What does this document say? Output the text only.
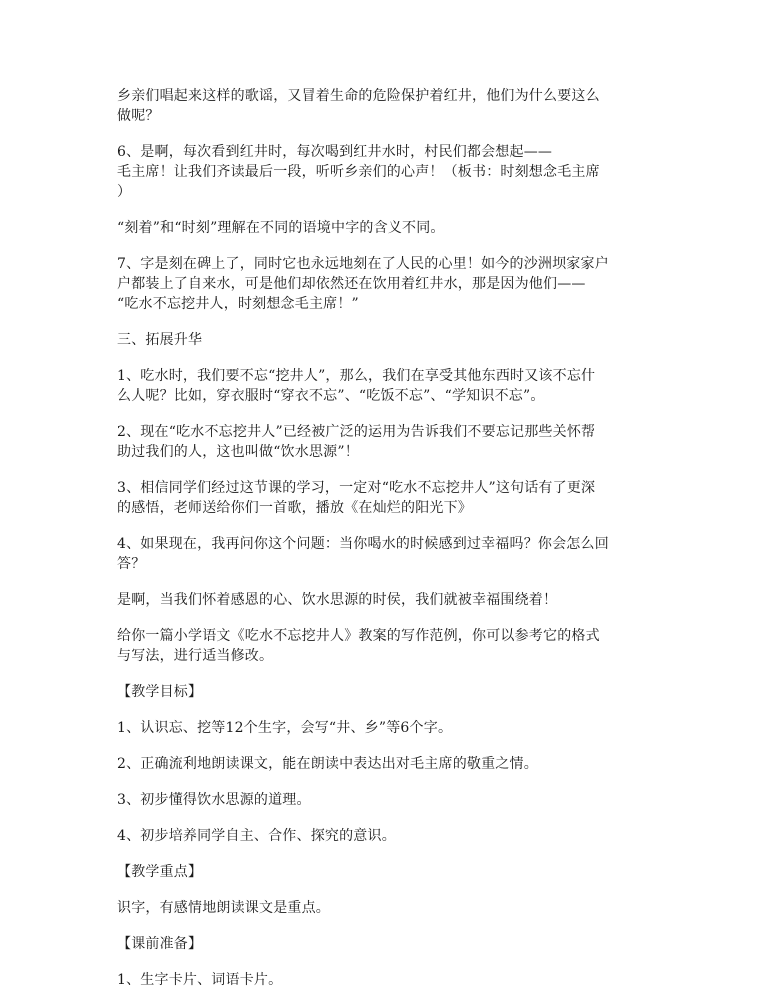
乡亲们唱起来这样的歌谣，又冒着生命的危险保护着红井，他们为什么要这么
做呢？

6、是啊，每次看到红井时，每次喝到红井水时，村民们都会想起——
毛主席！让我们齐读最后一段，听听乡亲们的心声！（板书：时刻想念毛主席
）

“刻着”和“时刻”理解在不同的语境中字的含义不同。

7、字是刻在碑上了，同时它也永远地刻在了人民的心里！如今的沙洲坝家家户
户都装上了自来水，可是他们却依然还在饮用着红井水，那是因为他们——
“吃水不忘挖井人，时刻想念毛主席！”

三、拓展升华

1、吃水时，我们要不忘“挖井人”，那么，我们在享受其他东西时又该不忘什
么人呢？比如，穿衣服时“穿衣不忘”、“吃饭不忘”、“学知识不忘”。

2、现在“吃水不忘挖井人”已经被广泛的运用为告诉我们不要忘记那些关怀帮
助过我们的人，这也叫做“饮水思源”！

3、相信同学们经过这节课的学习，一定对“吃水不忘挖井人”这句话有了更深
的感悟，老师送给你们一首歌，播放《在灿烂的阳光下》

4、如果现在，我再问你这个问题：当你喝水的时候感到过幸福吗？你会怎么回
答？

是啊，当我们怀着感恩的心、饮水思源的时侯，我们就被幸福围绕着！

给你一篇小学语文《吃水不忘挖井人》教案的写作范例，你可以参考它的格式
与写法，进行适当修改。

【教学目标】

1、认识忘、挖等12个生字，会写“井、乡”等6个字。

2、正确流利地朗读课文，能在朗读中表达出对毛主席的敬重之情。

3、初步懂得饮水思源的道理。

4、初步培养同学自主、合作、探究的意识。

【教学重点】

识字，有感情地朗读课文是重点。

【课前准备】

1、生字卡片、词语卡片。
